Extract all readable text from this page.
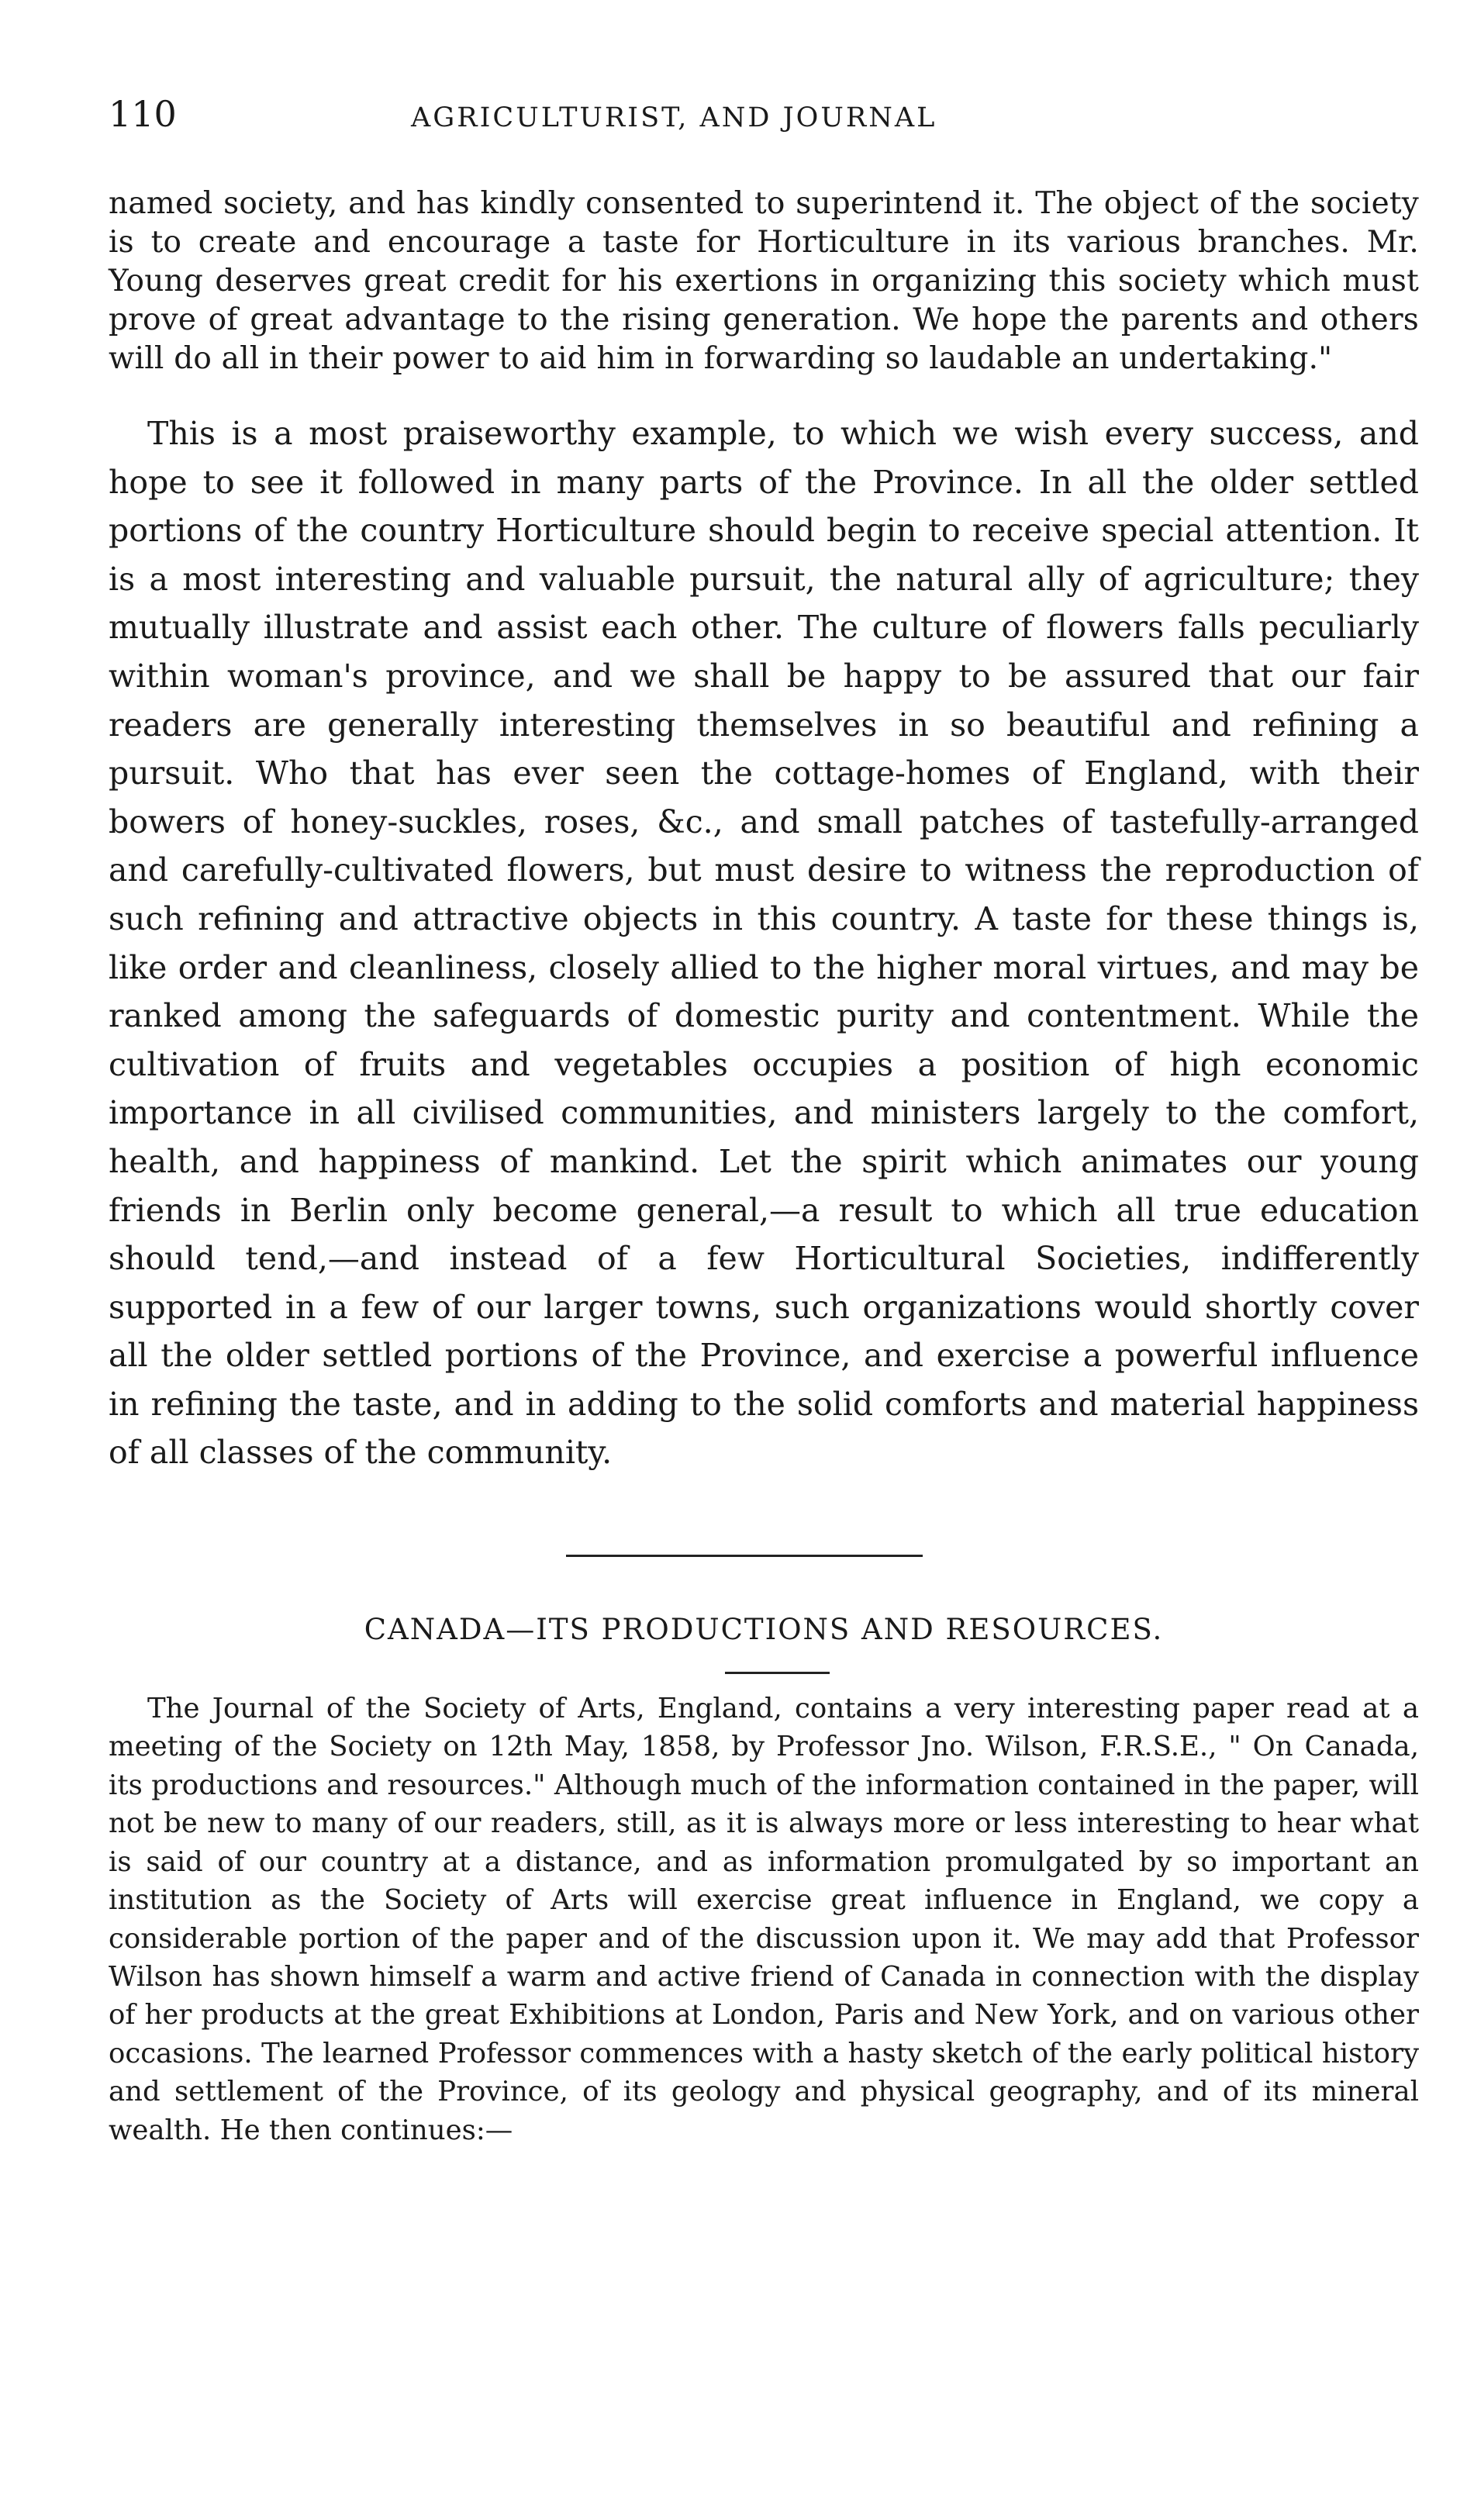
110	AGRICULTURIST, AND JOURNAL

named society, and has kindly consented to superintend it. The object of the society is to create and encourage a taste for Horticulture in its various branches. Mr. Young deserves great credit for his exertions in organizing this society which must prove of great advantage to the rising generation. We hope the parents and others will do all in their power to aid him in forwarding so laudable an undertaking."

This is a most praiseworthy example, to which we wish every success, and hope to see it followed in many parts of the Province. In all the older settled portions of the country Horticulture should begin to receive special attention. It is a most interesting and valuable pursuit, the natural ally of agriculture; they mutually illustrate and assist each other. The culture of flowers falls peculiarly within woman's province, and we shall be happy to be assured that our fair readers are generally interesting themselves in so beautiful and refining a pursuit. Who that has ever seen the cottage-homes of England, with their bowers of honey-suckles, roses, &c., and small patches of tastefully-arranged and carefully-cultivated flowers, but must desire to witness the reproduction of such refining and attractive objects in this country. A taste for these things is, like order and cleanliness, closely allied to the higher moral virtues, and may be ranked among the safeguards of domestic purity and contentment. While the cultivation of fruits and vegetables occupies a position of high economic importance in all civilised communities, and ministers largely to the comfort, health, and happiness of mankind. Let the spirit which animates our young friends in Berlin only become general,—a result to which all true education should tend,—and instead of a few Horticultural Societies, indifferently supported in a few of our larger towns, such organizations would shortly cover all the older settled portions of the Province, and exercise a powerful influence in refining the taste, and in adding to the solid comforts and material happiness of all classes of the community.

CANADA—ITS PRODUCTIONS AND RESOURCES.

The Journal of the Society of Arts, England, contains a very interesting paper read at a meeting of the Society on 12th May, 1858, by Professor Jno. Wilson, F.R.S.E., " On Canada, its productions and resources." Although much of the information contained in the paper, will not be new to many of our readers, still, as it is always more or less interesting to hear what is said of our country at a distance, and as information promulgated by so important an institution as the Society of Arts will exercise great influence in England, we copy a considerable portion of the paper and of the discussion upon it. We may add that Professor Wilson has shown himself a warm and active friend of Canada in connection with the display of her products at the great Exhibitions at London, Paris and New York, and on various other occasions. The learned Professor commences with a hasty sketch of the early political history and settlement of the Province, of its geology and physical geography, and of its mineral wealth. He then continues:—
